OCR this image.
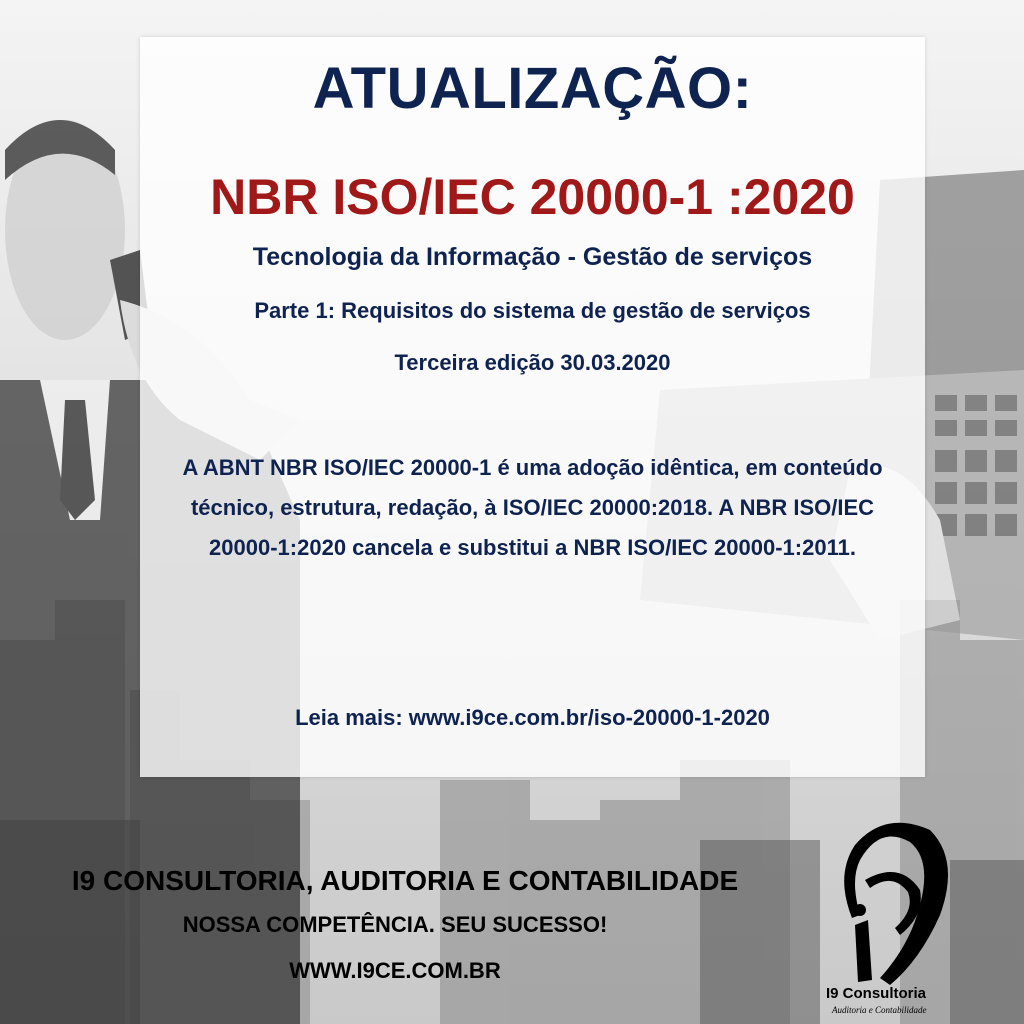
ATUALIZAÇÃO:

NBR ISO/IEC 20000-1 :2020

Tecnologia da Informação - Gestão de serviços

Parte 1: Requisitos do sistema de gestão de serviços

Terceira edição 30.03.2020

A ABNT NBR ISO/IEC 20000-1 é uma adoção idêntica, em conteúdo técnico, estrutura, redação, à ISO/IEC 20000:2018. A NBR ISO/IEC 20000-1:2020 cancela e substitui a NBR ISO/IEC 20000-1:2011.

Leia mais: www.i9ce.com.br/iso-20000-1-2020

I9 CONSULTORIA, AUDITORIA E CONTABILIDADE

NOSSA COMPETÊNCIA. SEU SUCESSO!

WWW.I9CE.COM.BR

I9 Consultoria

Auditoria e Contabilidade
